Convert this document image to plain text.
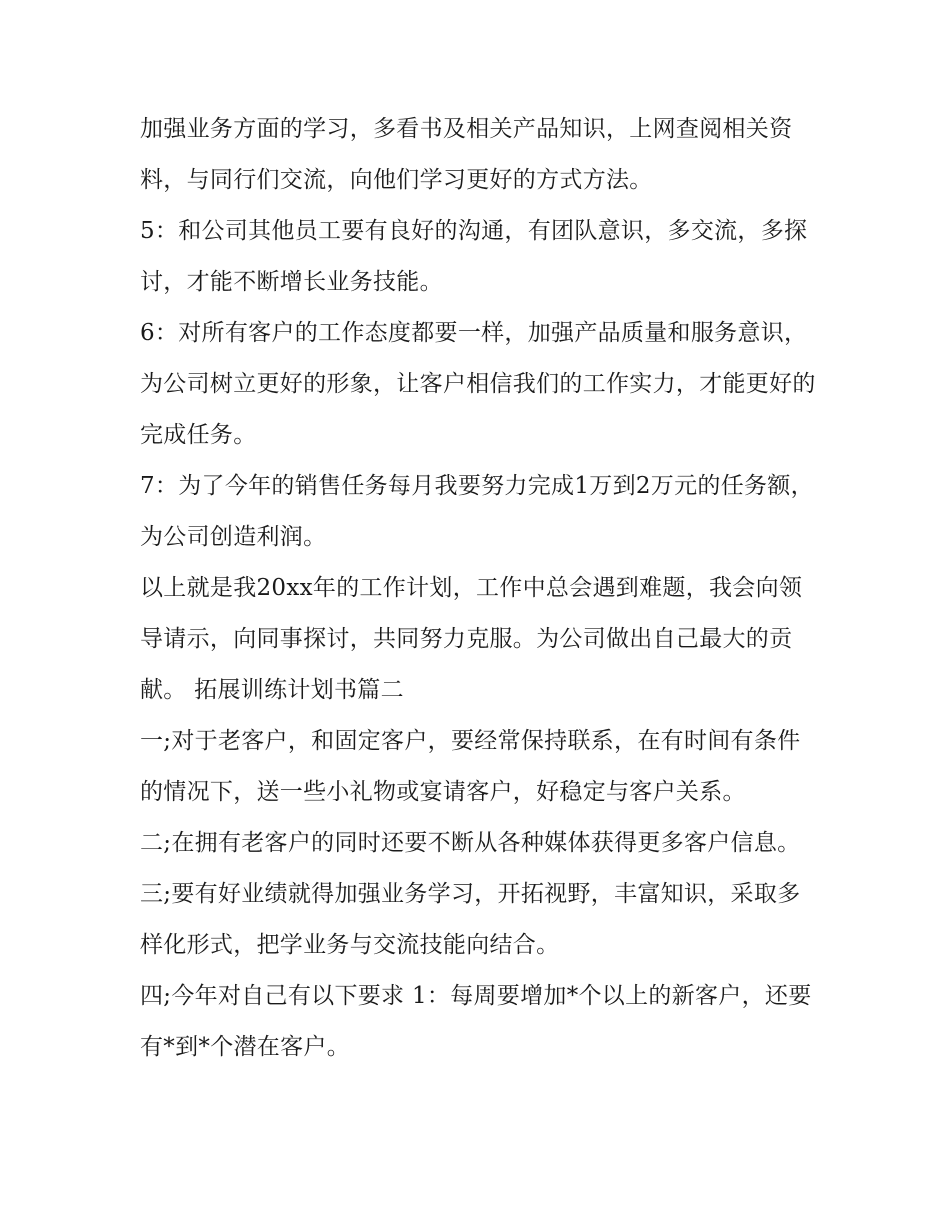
加强业务方面的学习，多看书及相关产品知识，上网查阅相关资料，与同行们交流，向他们学习更好的方式方法。

5：和公司其他员工要有良好的沟通，有团队意识，多交流，多探讨，才能不断增长业务技能。

6：对所有客户的工作态度都要一样，加强产品质量和服务意识，为公司树立更好的形象，让客户相信我们的工作实力，才能更好的完成任务。

7：为了今年的销售任务每月我要努力完成1万到2万元的任务额，为公司创造利润。

以上就是我20xx年的工作计划，工作中总会遇到难题，我会向领导请示，向同事探讨，共同努力克服。为公司做出自己最大的贡献。 拓展训练计划书篇二

一;对于老客户，和固定客户，要经常保持联系，在有时间有条件的情况下，送一些小礼物或宴请客户，好稳定与客户关系。

二;在拥有老客户的同时还要不断从各种媒体获得更多客户信息。 三;要有好业绩就得加强业务学习，开拓视野，丰富知识，采取多样化形式，把学业务与交流技能向结合。

四;今年对自己有以下要求 1：每周要增加*个以上的新客户，还要有*到*个潜在客户。
